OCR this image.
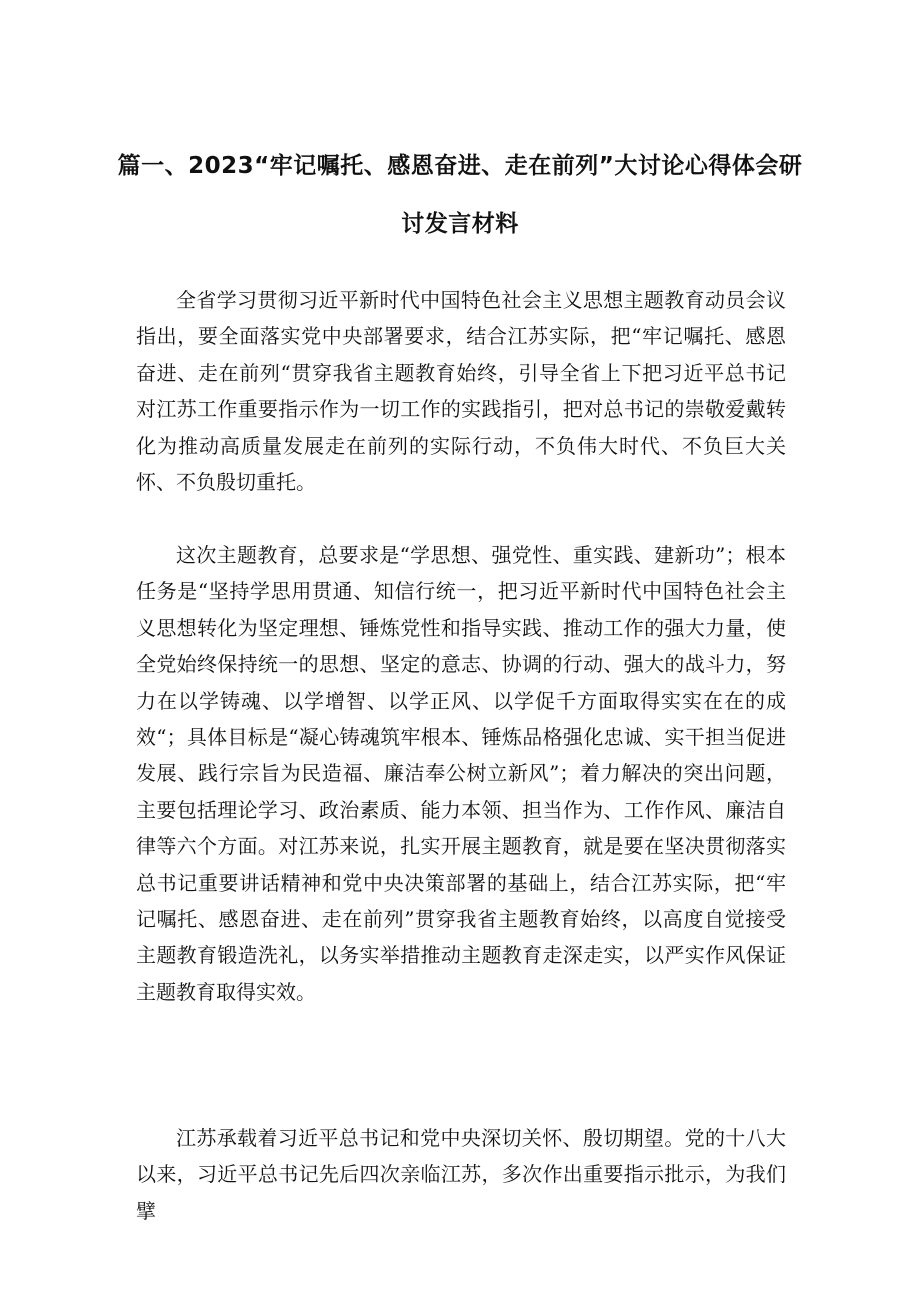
篇一、2023“牢记嘱托、感恩奋进、走在前列”大讨论心得体会研
讨发言材料

全省学习贯彻习近平新时代中国特色社会主义思想主题教育动员会议指出，要全面落实党中央部署要求，结合江苏实际，把“牢记嘱托、感恩奋进、走在前列“贯穿我省主题教育始终，引导全省上下把习近平总书记对江苏工作重要指示作为一切工作的实践指引，把对总书记的崇敬爱戴转化为推动高质量发展走在前列的实际行动，不负伟大时代、不负巨大关怀、不负殷切重托。

这次主题教育，总要求是“学思想、强党性、重实践、建新功”；根本任务是“坚持学思用贯通、知信行统一，把习近平新时代中国特色社会主义思想转化为坚定理想、锤炼党性和指导实践、推动工作的强大力量，使全党始终保持统一的思想、坚定的意志、协调的行动、强大的战斗力，努力在以学铸魂、以学增智、以学正风、以学促千方面取得实实在在的成效“；具体目标是“凝心铸魂筑牢根本、锤炼品格强化忠诚、实干担当促进发展、践行宗旨为民造福、廉洁奉公树立新风”；着力解决的突出问题，主要包括理论学习、政治素质、能力本领、担当作为、工作作风、廉洁自律等六个方面。对江苏来说，扎实开展主题教育，就是要在坚决贯彻落实总书记重要讲话精神和党中央决策部署的基础上，结合江苏实际，把“牢记嘱托、感恩奋进、走在前列”贯穿我省主题教育始终，以高度自觉接受主题教育锻造洗礼，以务实举措推动主题教育走深走实，以严实作风保证主题教育取得实效。

江苏承载着习近平总书记和党中央深切关怀、殷切期望。党的十八大以来，习近平总书记先后四次亲临江苏，多次作出重要指示批示，为我们擘
